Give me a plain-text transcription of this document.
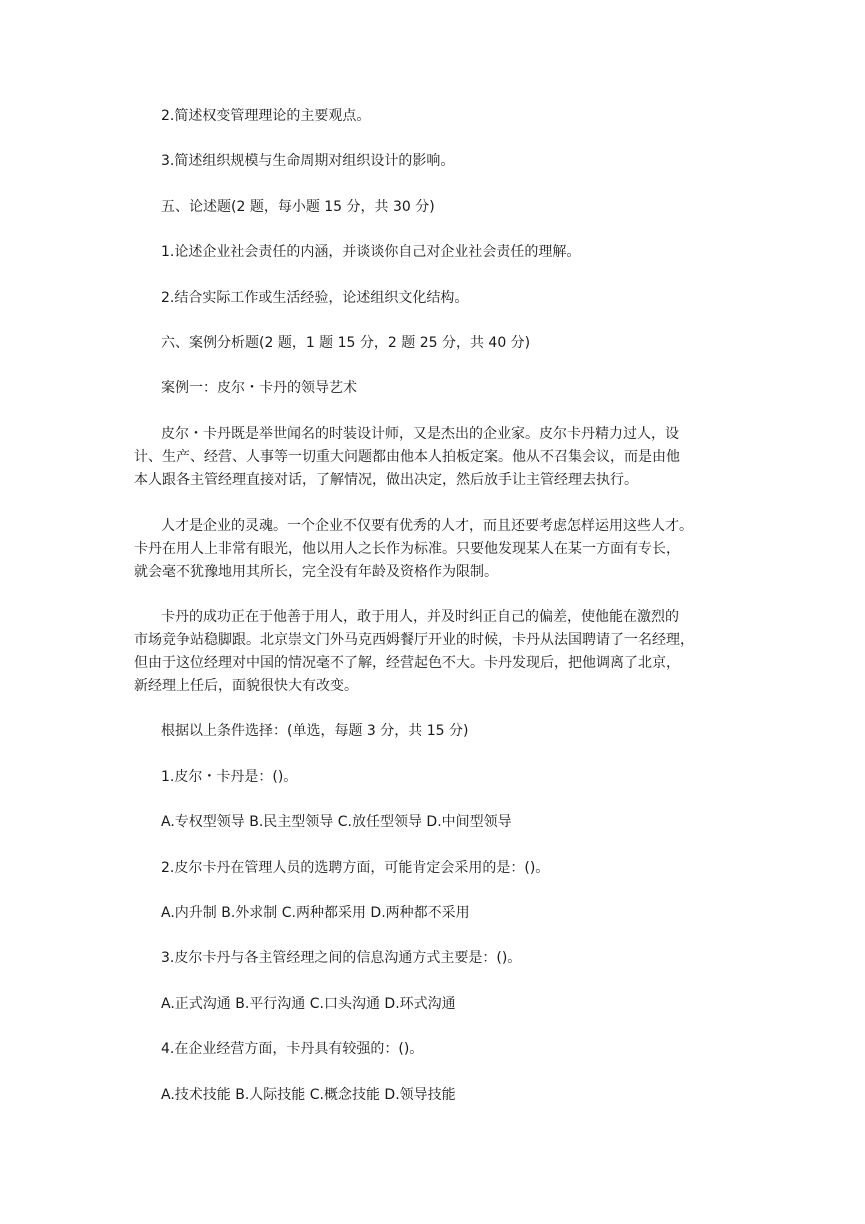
2.简述权变管理理论的主要观点。
3.简述组织规模与生命周期对组织设计的影响。
五、论述题(2 题，每小题 15 分，共 30 分)
1.论述企业社会责任的内涵，并谈谈你自己对企业社会责任的理解。
2.结合实际工作或生活经验，论述组织文化结构。
六、案例分析题(2 题，1 题 15 分，2 题 25 分，共 40 分)
案例一：皮尔・卡丹的领导艺术
皮尔・卡丹既是举世闻名的时装设计师，又是杰出的企业家。皮尔卡丹精力过人，设
计、生产、经营、人事等一切重大问题都由他本人拍板定案。他从不召集会议，而是由他
本人跟各主管经理直接对话，了解情况，做出决定，然后放手让主管经理去执行。
人才是企业的灵魂。一个企业不仅要有优秀的人才，而且还要考虑怎样运用这些人才。
卡丹在用人上非常有眼光，他以用人之长作为标准。只要他发现某人在某一方面有专长，
就会毫不犹豫地用其所长，完全没有年龄及资格作为限制。
卡丹的成功正在于他善于用人，敢于用人，并及时纠正自己的偏差，使他能在激烈的
市场竞争站稳脚跟。北京崇文门外马克西姆餐厅开业的时候，卡丹从法国聘请了一名经理，
但由于这位经理对中国的情况毫不了解，经营起色不大。卡丹发现后，把他调离了北京，
新经理上任后，面貌很快大有改变。
根据以上条件选择：(单选，每题 3 分，共 15 分)
1.皮尔・卡丹是：()。
A.专权型领导 B.民主型领导 C.放任型领导 D.中间型领导
2.皮尔卡丹在管理人员的选聘方面，可能肯定会采用的是：()。
A.内升制 B.外求制 C.两种都采用 D.两种都不采用
3.皮尔卡丹与各主管经理之间的信息沟通方式主要是：()。
A.正式沟通 B.平行沟通 C.口头沟通 D.环式沟通
4.在企业经营方面，卡丹具有较强的：()。
A.技术技能 B.人际技能 C.概念技能 D.领导技能
